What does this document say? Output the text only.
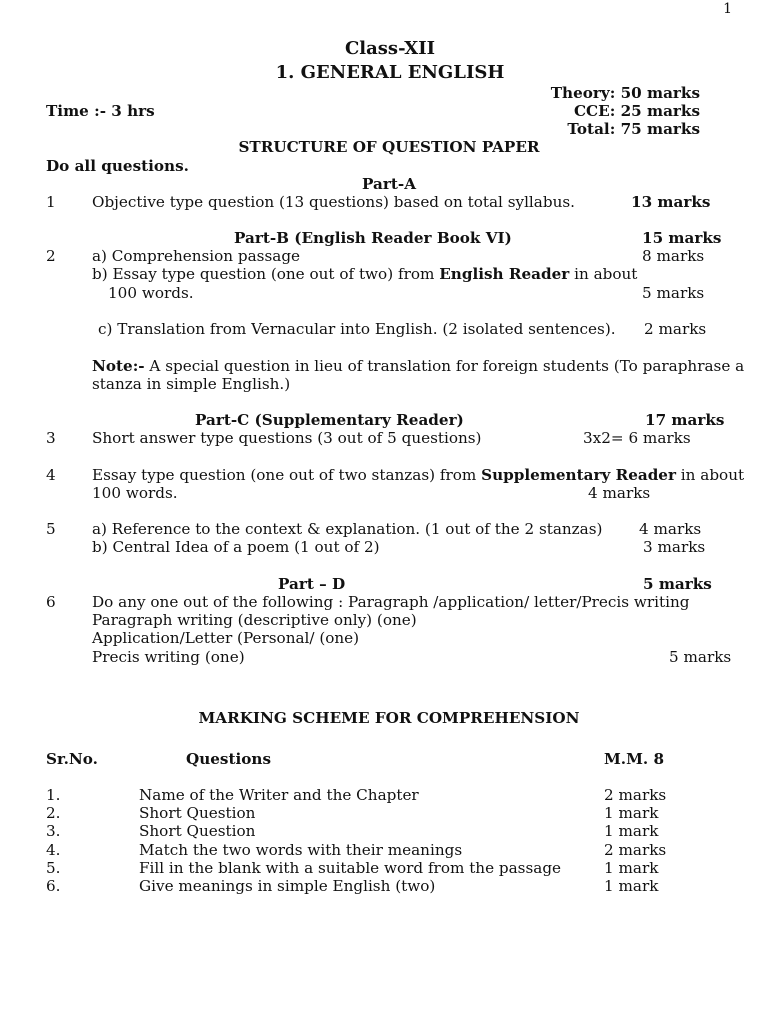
1
Class-XII
1. GENERAL ENGLISH
Theory: 50 marks
Time :- 3 hrs	CCE: 25 marks
Total: 75 marks
STRUCTURE OF QUESTION PAPER
Do all questions.
Part-A
1 Objective type question (13 questions) based on total syllabus.	13 marks
Part-B (English Reader Book VI)	15 marks
2 a) Comprehension passage	8 marks
b) Essay type question (one out of two) from English Reader in about
100 words.	5 marks
c) Translation from Vernacular into English. (2 isolated sentences). 2 marks
Note:- A special question in lieu of translation for foreign students (To paraphrase a
stanza in simple English.)
Part-C (Supplementary Reader)	17 marks
3 Short answer type questions (3 out of 5 questions)	3x2= 6 marks
4 Essay type question (one out of two stanzas) from Supplementary Reader in about
100 words.	4 marks
5 a) Reference to the context & explanation. (1 out of the 2 stanzas) 4 marks
b) Central Idea of a poem (1 out of 2)	3 marks
Part – D	5 marks
6 Do any one out of the following : Paragraph /application/ letter/Precis writing
Paragraph writing (descriptive only) (one)
Application/Letter (Personal/ (one)
Precis writing (one)	5 marks
MARKING SCHEME FOR COMPREHENSION
Sr.No.	Questions	M.M. 8
1.	Name of the Writer and the Chapter	2 marks
2.	Short Question	1 mark
3.	Short Question	1 mark
4.	Match the two words with their meanings	2 marks
5.	Fill in the blank with a suitable word from the passage	1 mark
6.	Give meanings in simple English (two)	1 mark
